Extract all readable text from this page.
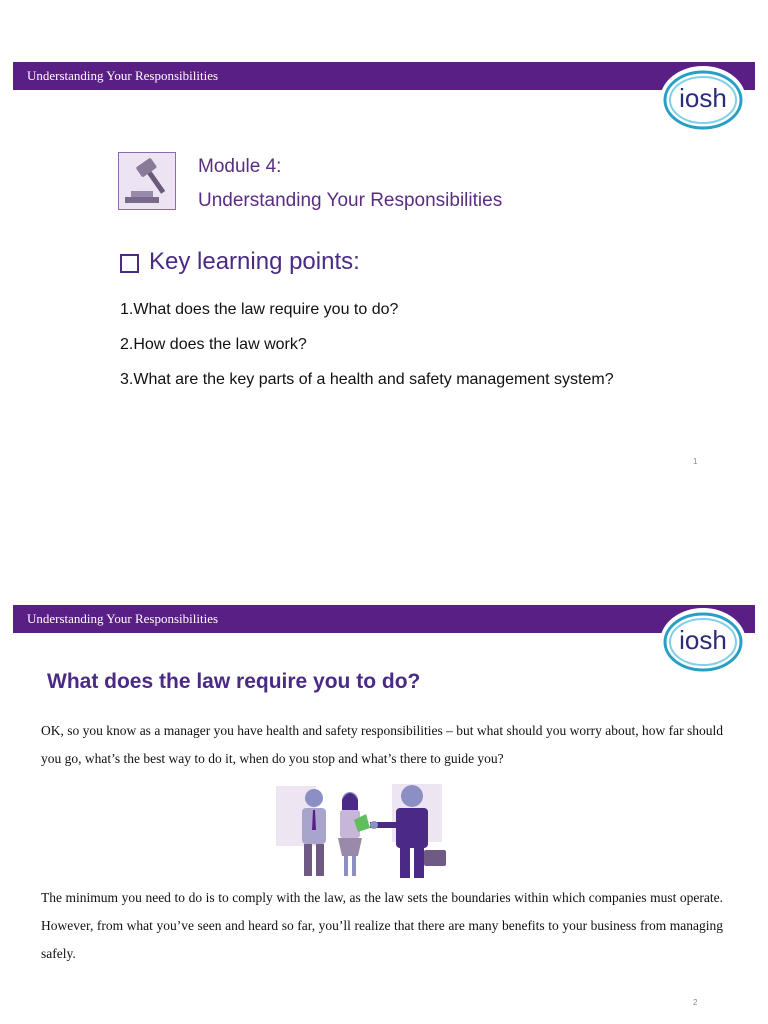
Understanding Your Responsibilities
iosh
Module 4:
Understanding Your Responsibilities
Key learning points:
1.What does the law require you to do?
2.How does the law work?
3.What are the key parts of a health and safety management system?
1
Understanding Your Responsibilities
iosh
What does the law require you to do?
OK, so you know as a manager you have health and safety responsibilities – but what should you worry about, how far should you go, what’s the best way to do it, when do you stop and what’s there to guide you?
The minimum you need to do is to comply with the law, as the law sets the boundaries within which companies must operate. However, from what you’ve seen and heard so far, you’ll realize that there are many benefits to your business from managing safely.
2
